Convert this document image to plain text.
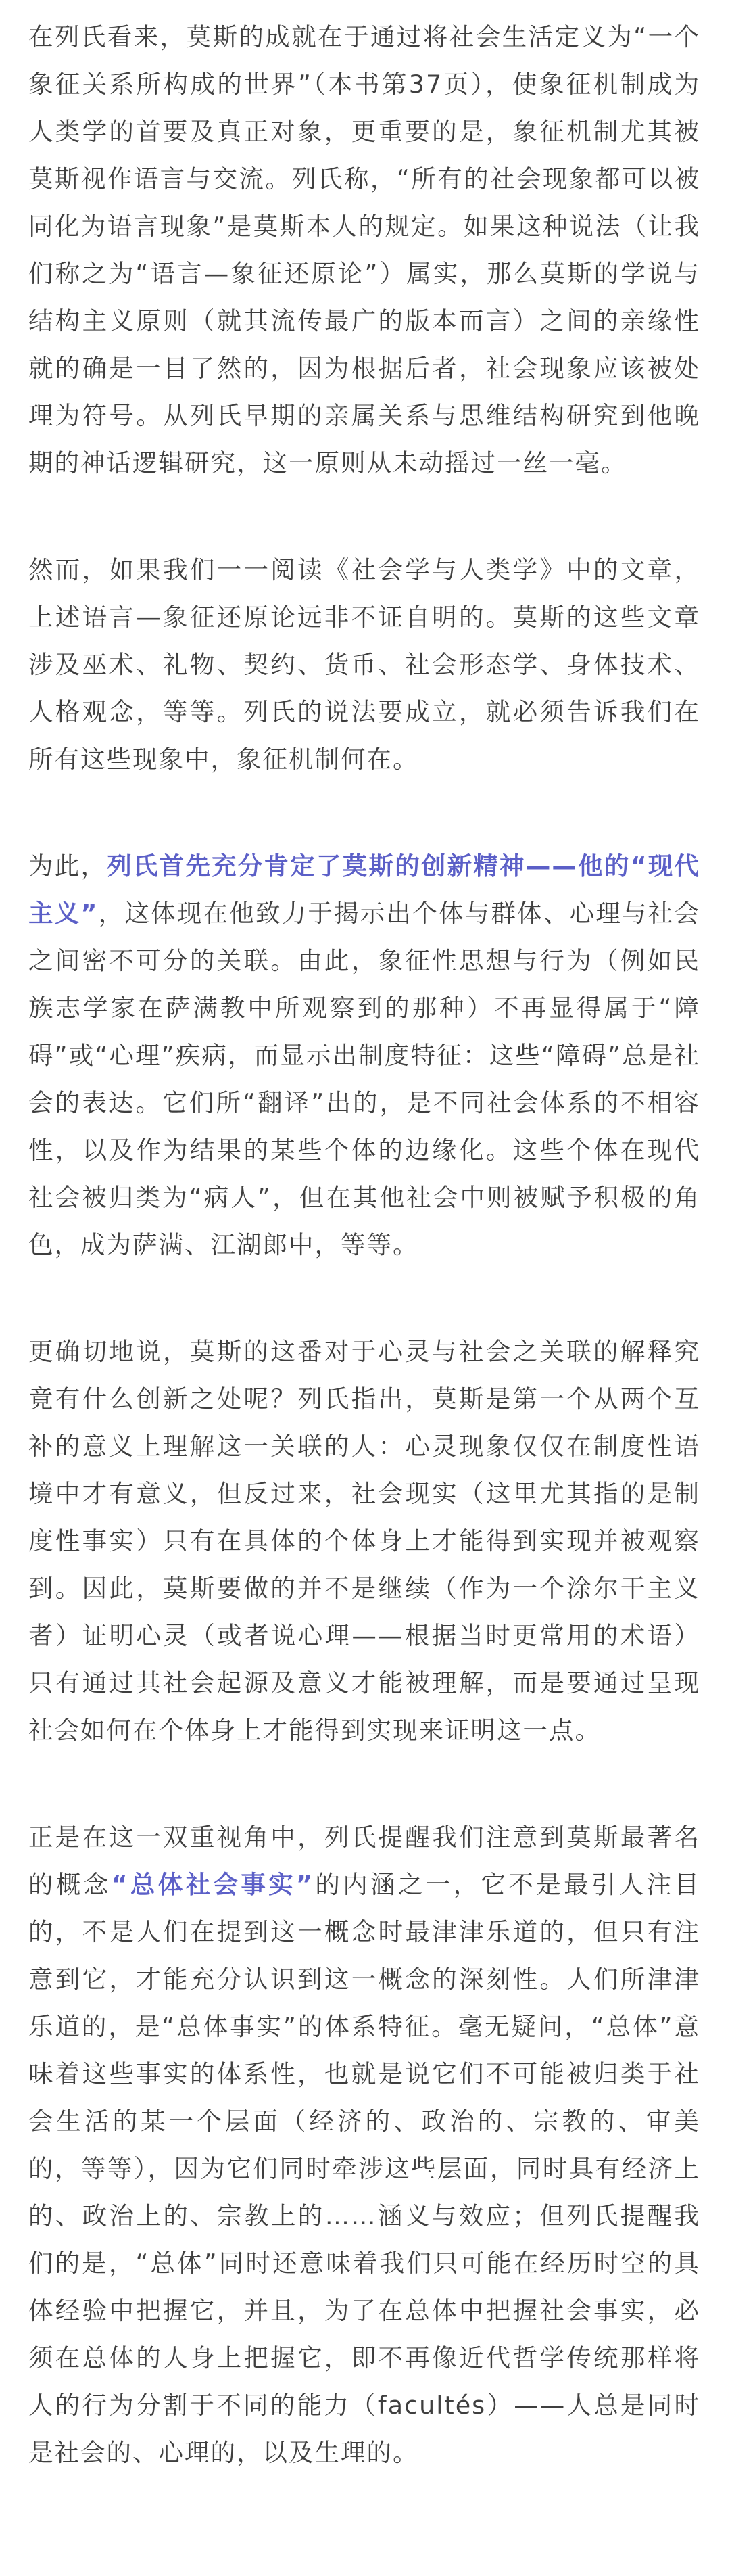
在列氏看来，莫斯的成就在于通过将社会生活定义为“一个象征关系所构成的世界”（本书第37页），使象征机制成为人类学的首要及真正对象，更重要的是，象征机制尤其被莫斯视作语言与交流。列氏称，“所有的社会现象都可以被同化为语言现象”是莫斯本人的规定。如果这种说法（让我们称之为“语言—象征还原论”）属实，那么莫斯的学说与结构主义原则（就其流传最广的版本而言）之间的亲缘性就的确是一目了然的，因为根据后者，社会现象应该被处理为符号。从列氏早期的亲属关系与思维结构研究到他晚期的神话逻辑研究，这一原则从未动摇过一丝一毫。

然而，如果我们一一阅读《社会学与人类学》中的文章，上述语言—象征还原论远非不证自明的。莫斯的这些文章涉及巫术、礼物、契约、货币、社会形态学、身体技术、人格观念，等等。列氏的说法要成立，就必须告诉我们在所有这些现象中，象征机制何在。

为此，列氏首先充分肯定了莫斯的创新精神——他的“现代主义”，这体现在他致力于揭示出个体与群体、心理与社会之间密不可分的关联。由此，象征性思想与行为（例如民族志学家在萨满教中所观察到的那种）不再显得属于“障碍”或“心理”疾病，而显示出制度特征：这些“障碍”总是社会的表达。它们所“翻译”出的，是不同社会体系的不相容性，以及作为结果的某些个体的边缘化。这些个体在现代社会被归类为“病人”，但在其他社会中则被赋予积极的角色，成为萨满、江湖郎中，等等。

更确切地说，莫斯的这番对于心灵与社会之关联的解释究竟有什么创新之处呢？列氏指出，莫斯是第一个从两个互补的意义上理解这一关联的人：心灵现象仅仅在制度性语境中才有意义，但反过来，社会现实（这里尤其指的是制度性事实）只有在具体的个体身上才能得到实现并被观察到。因此，莫斯要做的并不是继续（作为一个涂尔干主义者）证明心灵（或者说心理——根据当时更常用的术语）只有通过其社会起源及意义才能被理解，而是要通过呈现社会如何在个体身上才能得到实现来证明这一点。

正是在这一双重视角中，列氏提醒我们注意到莫斯最著名的概念“总体社会事实”的内涵之一，它不是最引人注目的，不是人们在提到这一概念时最津津乐道的，但只有注意到它，才能充分认识到这一概念的深刻性。人们所津津乐道的，是“总体事实”的体系特征。毫无疑问，“总体”意味着这些事实的体系性，也就是说它们不可能被归类于社会生活的某一个层面（经济的、政治的、宗教的、审美的，等等），因为它们同时牵涉这些层面，同时具有经济上的、政治上的、宗教上的……涵义与效应；但列氏提醒我们的是，“总体”同时还意味着我们只可能在经历时空的具体经验中把握它，并且，为了在总体中把握社会事实，必须在总体的人身上把握它，即不再像近代哲学传统那样将人的行为分割于不同的能力（facultés）——人总是同时是社会的、心理的，以及生理的。
